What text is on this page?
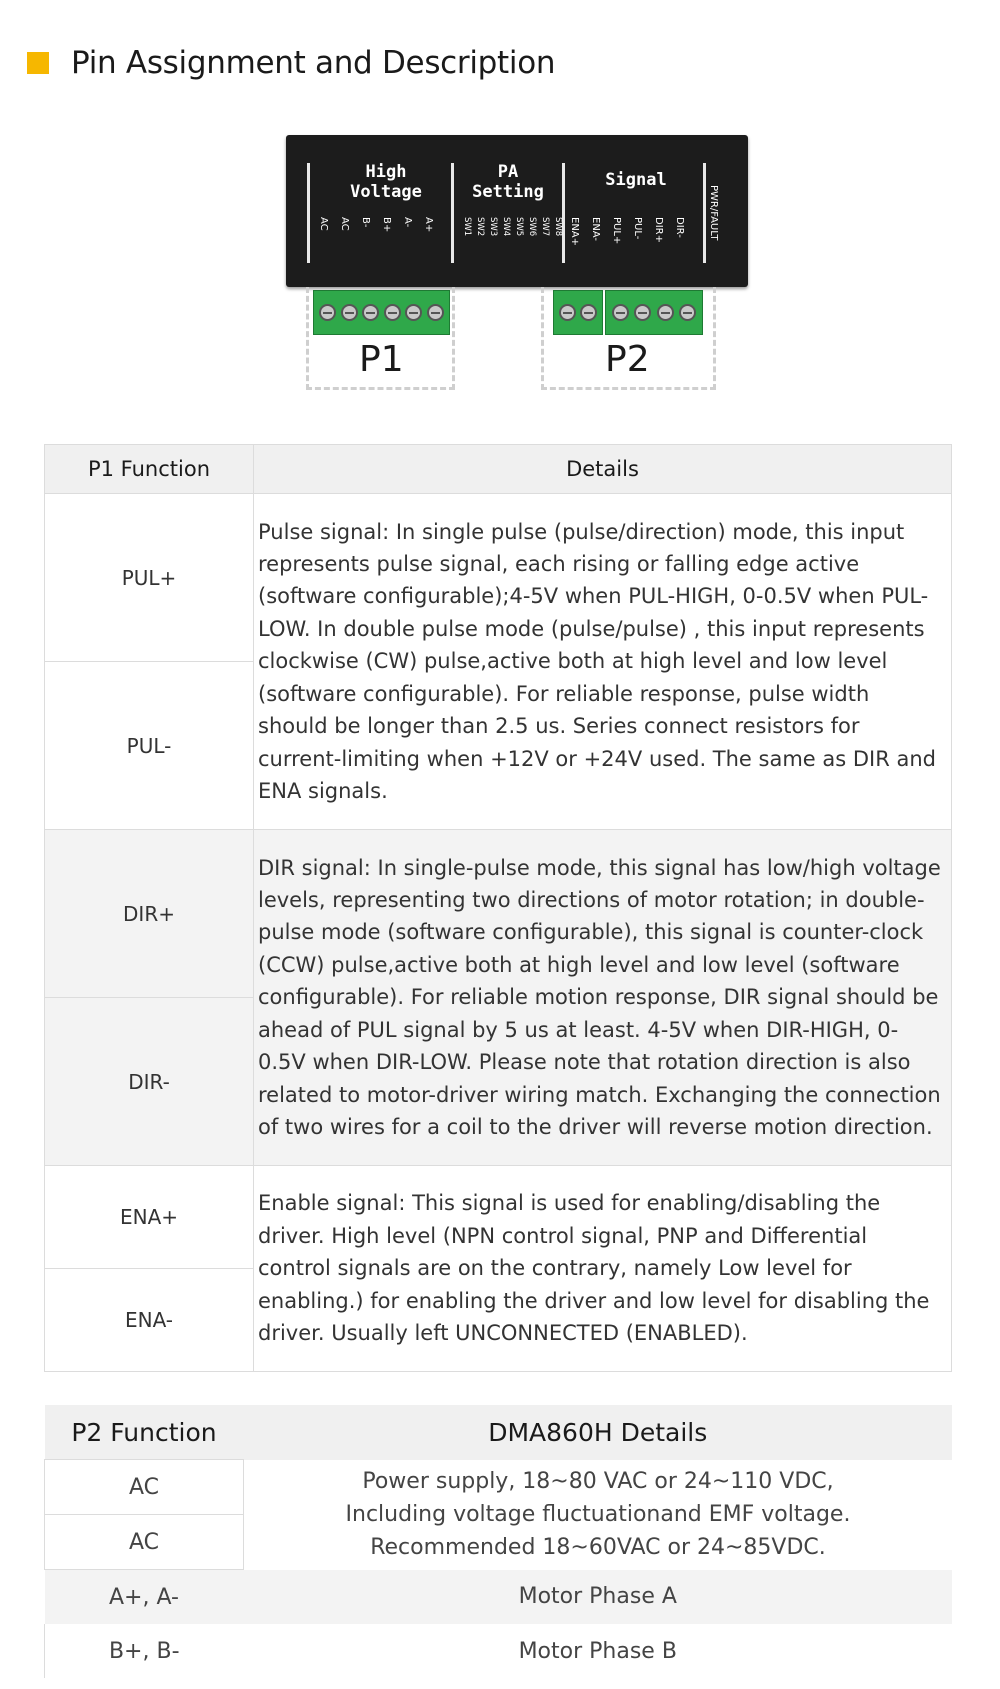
Pin Assignment and Description
High
Voltage
PA
Setting
Signal
AC AC B- B+ A- A+	SW1 SW2 SW3 SW4 SW5 SW6 SW7 SW8 ENA+ ENA- PUL+ PUL- DIR+ DIR- PWR/FAULT
P1	P2
P1 Function	Details
PUL+	Pulse signal: In single pulse (pulse/direction) mode, this input represents pulse signal, each rising or falling edge active (software configurable);4-5V when PUL-HIGH, 0-0.5V when PUL-LOW. In double pulse mode (pulse/pulse) , this input represents clockwise (CW) pulse,active both at high level and low level (software configurable). For reliable response, pulse width should be longer than 2.5 us. Series connect resistors for current-limiting when +12V or +24V used. The same as DIR and ENA signals.
PUL-	
DIR+	DIR signal: In single-pulse mode, this signal has low/high voltage levels, representing two directions of motor rotation; in double-pulse mode (software configurable), this signal is counter-clock (CCW) pulse,active both at high level and low level (software configurable). For reliable motion response, DIR signal should be ahead of PUL signal by 5 us at least. 4-5V when DIR-HIGH, 0-0.5V when DIR-LOW. Please note that rotation direction is also related to motor-driver wiring match. Exchanging the connection of two wires for a coil to the driver will reverse motion direction.
DIR-	
ENA+	Enable signal: This signal is used for enabling/disabling the driver. High level (NPN control signal, PNP and Differential control signals are on the contrary, namely Low level for enabling.) for enabling the driver and low level for disabling the driver. Usually left UNCONNECTED (ENABLED).
ENA-	
P2 Function	DMA860H Details
AC	Power supply, 18~80 VAC or 24~110 VDC,
Including voltage fluctuationand EMF voltage.
Recommended 18~60VAC or 24~85VDC.

AC	
A+, A-	Motor Phase A
B+, B-	Motor Phase B
